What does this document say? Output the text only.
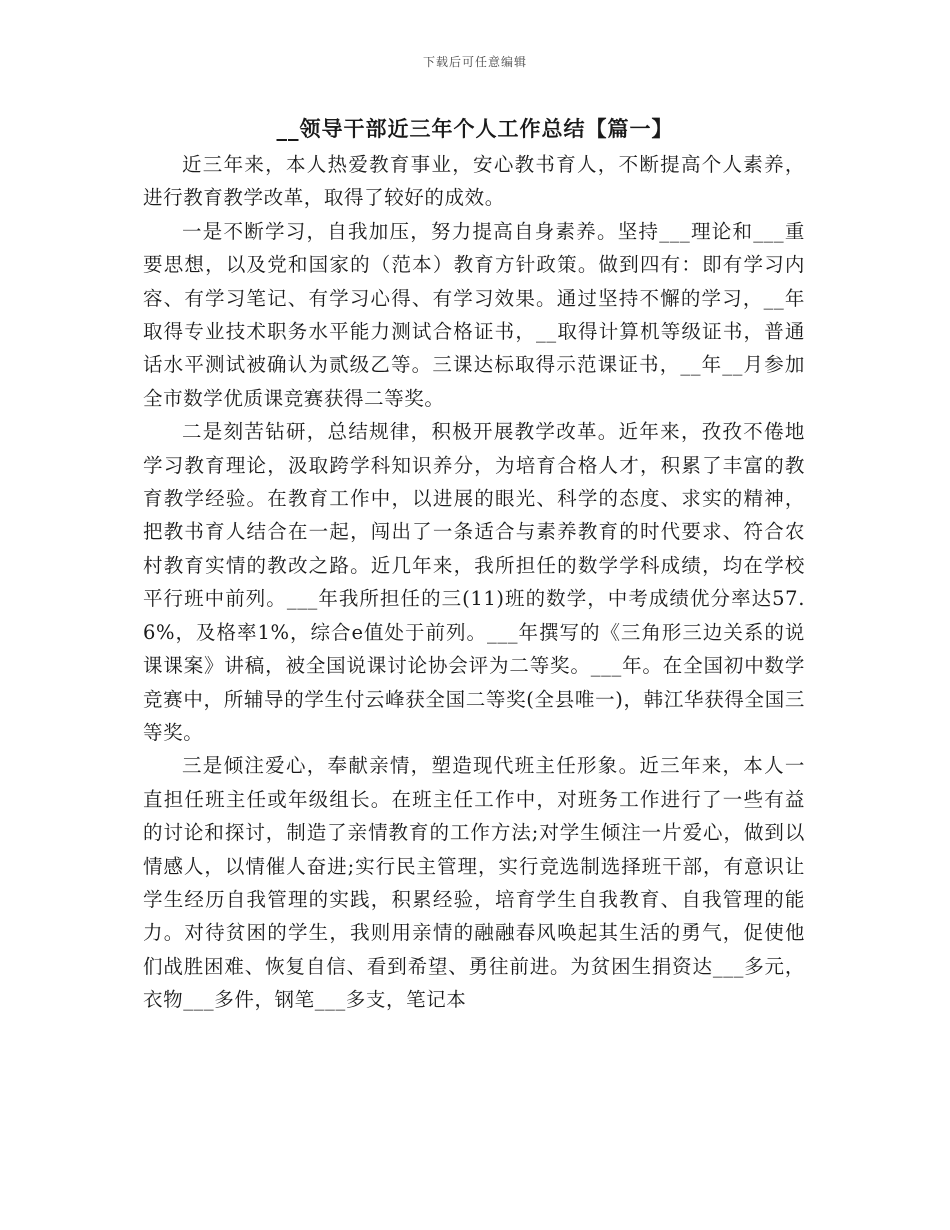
下载后可任意编辑
__领导干部近三年个人工作总结【篇一】

近三年来，本人热爱教育事业，安心教书育人，不断提高个人素养，进行教育教学改革，取得了较好的成效。

一是不断学习，自我加压，努力提高自身素养。坚持___理论和___重要思想，以及党和国家的（范本）教育方针政策。做到四有：即有学习内容、有学习笔记、有学习心得、有学习效果。通过坚持不懈的学习，__年取得专业技术职务水平能力测试合格证书，__取得计算机等级证书，普通话水平测试被确认为贰级乙等。三课达标取得示范课证书，__年__月参加全市数学优质课竞赛获得二等奖。

二是刻苦钻研，总结规律，积极开展教学改革。近年来，孜孜不倦地学习教育理论，汲取跨学科知识养分，为培育合格人才，积累了丰富的教育教学经验。在教育工作中，以进展的眼光、科学的态度、求实的精神，把教书育人结合在一起，闯出了一条适合与素养教育的时代要求、符合农村教育实情的教改之路。近几年来，我所担任的数学学科成绩，均在学校平行班中前列。___年我所担任的三(11)班的数学，中考成绩优分率达57.6%，及格率1%，综合e值处于前列。___年撰写的《三角形三边关系的说课课案》讲稿，被全国说课讨论协会评为二等奖。___年。在全国初中数学竞赛中，所辅导的学生付云峰获全国二等奖(全县唯一)，韩江华获得全国三等奖。

三是倾注爱心，奉献亲情，塑造现代班主任形象。近三年来，本人一直担任班主任或年级组长。在班主任工作中，对班务工作进行了一些有益的讨论和探讨，制造了亲情教育的工作方法;对学生倾注一片爱心，做到以情感人，以情催人奋进;实行民主管理，实行竞选制选择班干部，有意识让学生经历自我管理的实践，积累经验，培育学生自我教育、自我管理的能力。对待贫困的学生，我则用亲情的融融春风唤起其生活的勇气，促使他们战胜困难、恢复自信、看到希望、勇往前进。为贫困生捐资达___多元，衣物___多件，钢笔___多支，笔记本
